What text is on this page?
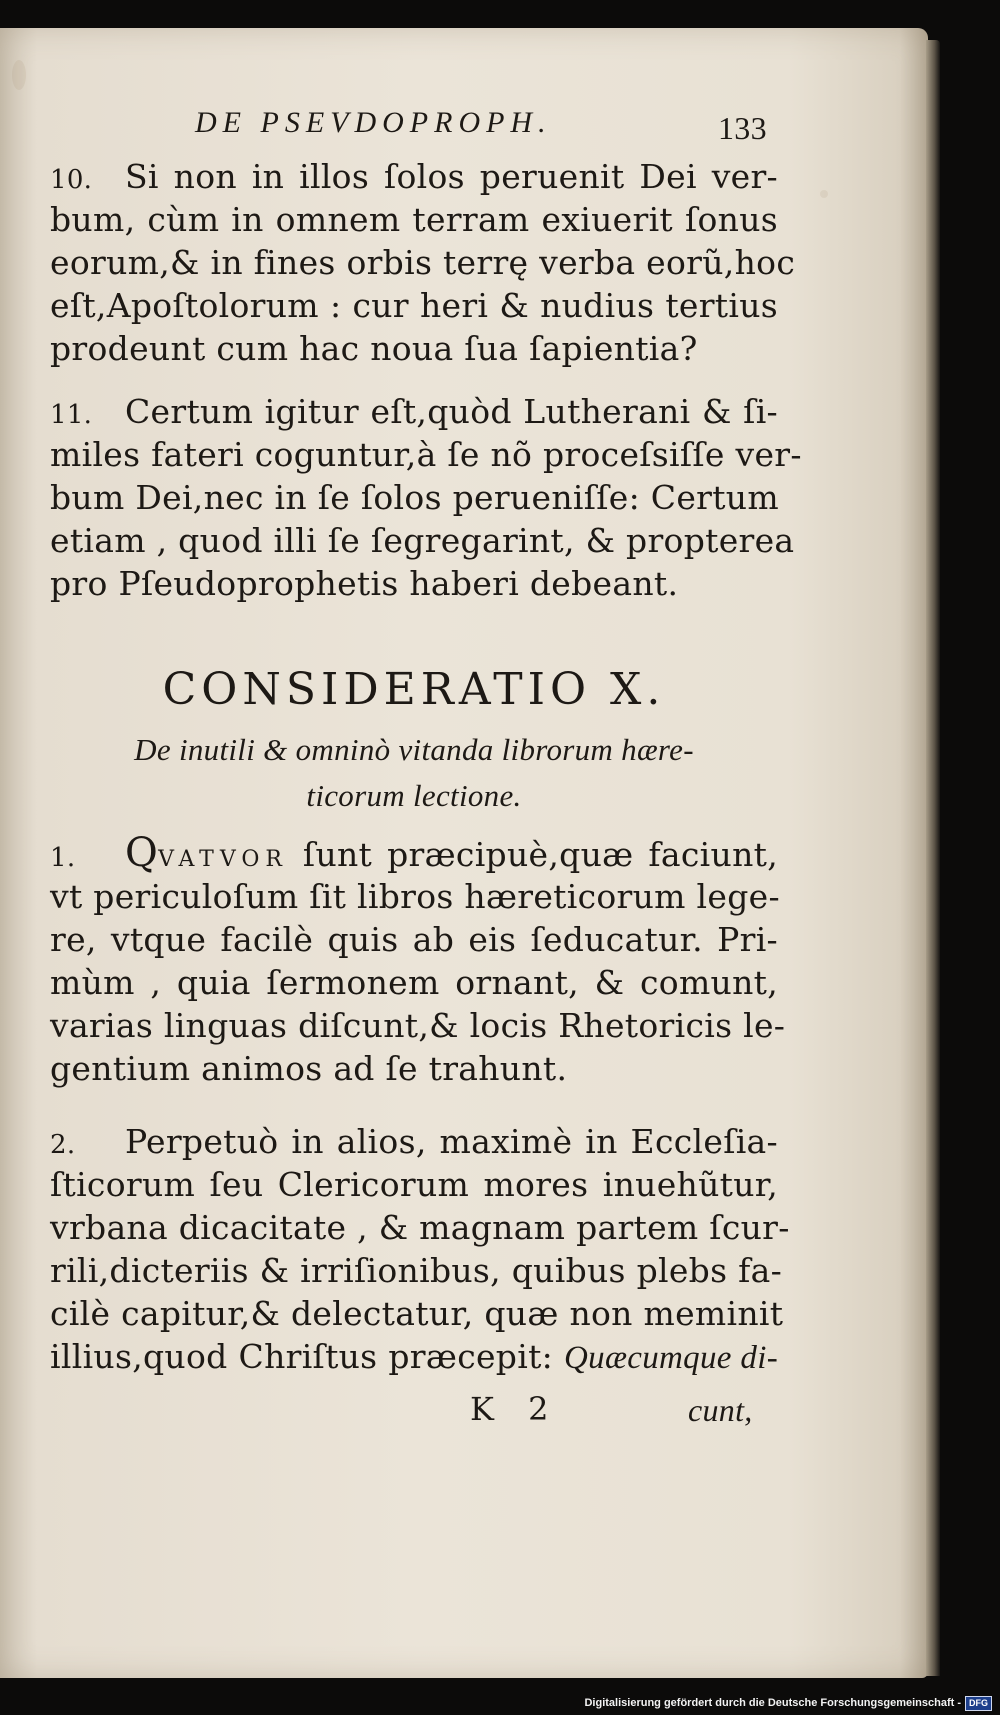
DE PSEVDOPROPH.	133
10. Si non in illos ſolos peruenit Dei ver-
bum, cùm in omnem terram exiuerit ſonus
eorum,& in fines orbis terrę verba eorũ,hoc
eſt,Apoſtolorum : cur heri & nudius tertius
prodeunt cum hac noua ſua ſapientia?
11. Certum igitur eſt,quòd Lutherani & ſi-
miles fateri coguntur,à ſe nõ proceſsiſſe ver-
bum Dei,nec in ſe ſolos perueniſſe: Certum
etiam , quod illi ſe ſegregarint, & propterea
pro Pſeudoprophetis haberi debeant.
CONSIDERATIO X.
De inutili & omninò vitanda librorum hære-
ticorum lectione.
1. QVATVOR ſunt præcipuè,quæ faciunt,
vt periculoſum ſit libros hæreticorum lege-
re, vtque facilè quis ab eis ſeducatur. Pri-
mùm , quia ſermonem ornant, & comunt,
varias linguas diſcunt,& locis Rhetoricis le-
gentium animos ad ſe trahunt.
2. Perpetuò in alios, maximè in Eccleſia-
ſticorum ſeu Clericorum mores inuehũtur,
vrbana dicacitate , & magnam partem ſcur-
rili,dicteriis & irriſionibus, quibus plebs fa-
cilè capitur,& delectatur, quæ non meminit
illius,quod Chriſtus præcepit: Quæcumque di-
K 2	cunt,
Digitalisierung gefördert durch die Deutsche Forschungsgemeinschaft - DFG
